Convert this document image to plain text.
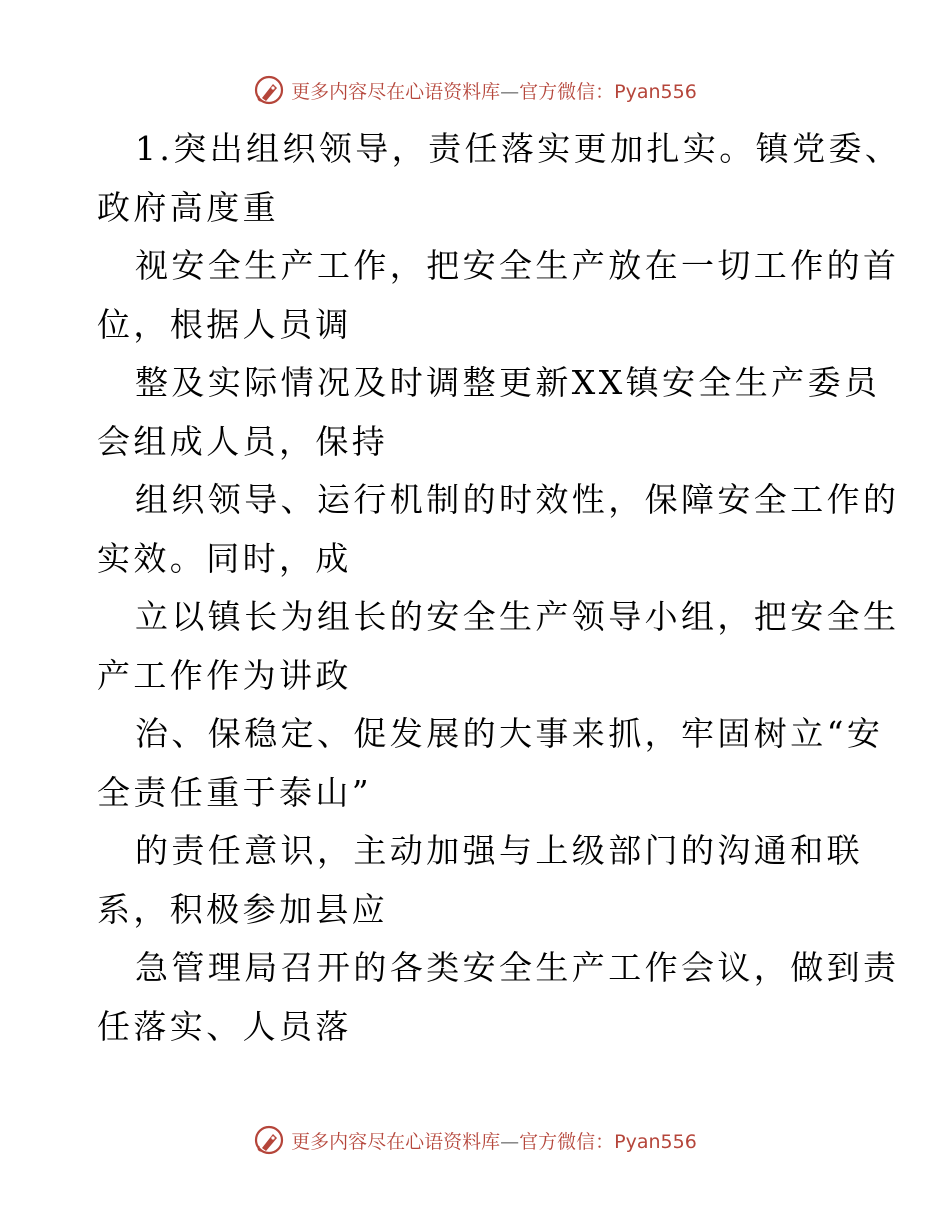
更多内容尽在心语资料库—官方微信：Pyan556
1.突出组织领导，责任落实更加扎实。镇党委、
政府高度重
视安全生产工作，把安全生产放在一切工作的首
位，根据人员调
整及实际情况及时调整更新XX镇安全生产委员
会组成人员，保持
组织领导、运行机制的时效性，保障安全工作的
实效。同时，成
立以镇长为组长的安全生产领导小组，把安全生
产工作作为讲政
治、保稳定、促发展的大事来抓，牢固树立“安
全责任重于泰山”
的责任意识，主动加强与上级部门的沟通和联
系，积极参加县应
急管理局召开的各类安全生产工作会议，做到责
任落实、人员落
更多内容尽在心语资料库—官方微信：Pyan556
